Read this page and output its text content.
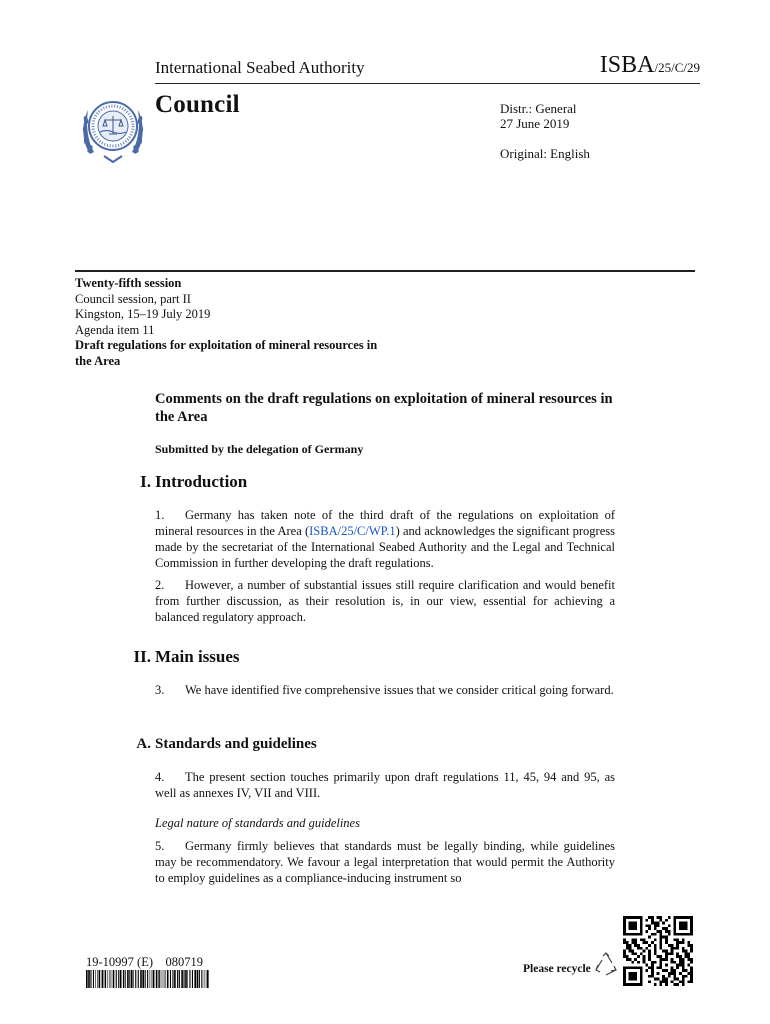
International Seabed Authority	ISBA/25/C/29
Council	Distr.: General
27 June 2019
Original: English
Twenty-fifth session
Council session, part II
Kingston, 15–19 July 2019
Agenda item 11
Draft regulations for exploitation of mineral resources in
the Area
Comments on the draft regulations on exploitation of mineral resources in the Area
Submitted by the delegation of Germany
I. Introduction
1. Germany has taken note of the third draft of the regulations on exploitation of mineral resources in the Area (ISBA/25/C/WP.1) and acknowledges the significant progress made by the secretariat of the International Seabed Authority and the Legal and Technical Commission in further developing the draft regulations.
2. However, a number of substantial issues still require clarification and would benefit from further discussion, as their resolution is, in our view, essential for achieving a balanced regulatory approach.
II. Main issues
3. We have identified five comprehensive issues that we consider critical going forward.
A. Standards and guidelines
4. The present section touches primarily upon draft regulations 11, 45, 94 and 95, as well as annexes IV, VII and VIII.
Legal nature of standards and guidelines
5. Germany firmly believes that standards must be legally binding, while guidelines may be recommendatory. We favour a legal interpretation that would permit the Authority to employ guidelines as a compliance-inducing instrument so
19-10997 (E)    080719	Please recycle
